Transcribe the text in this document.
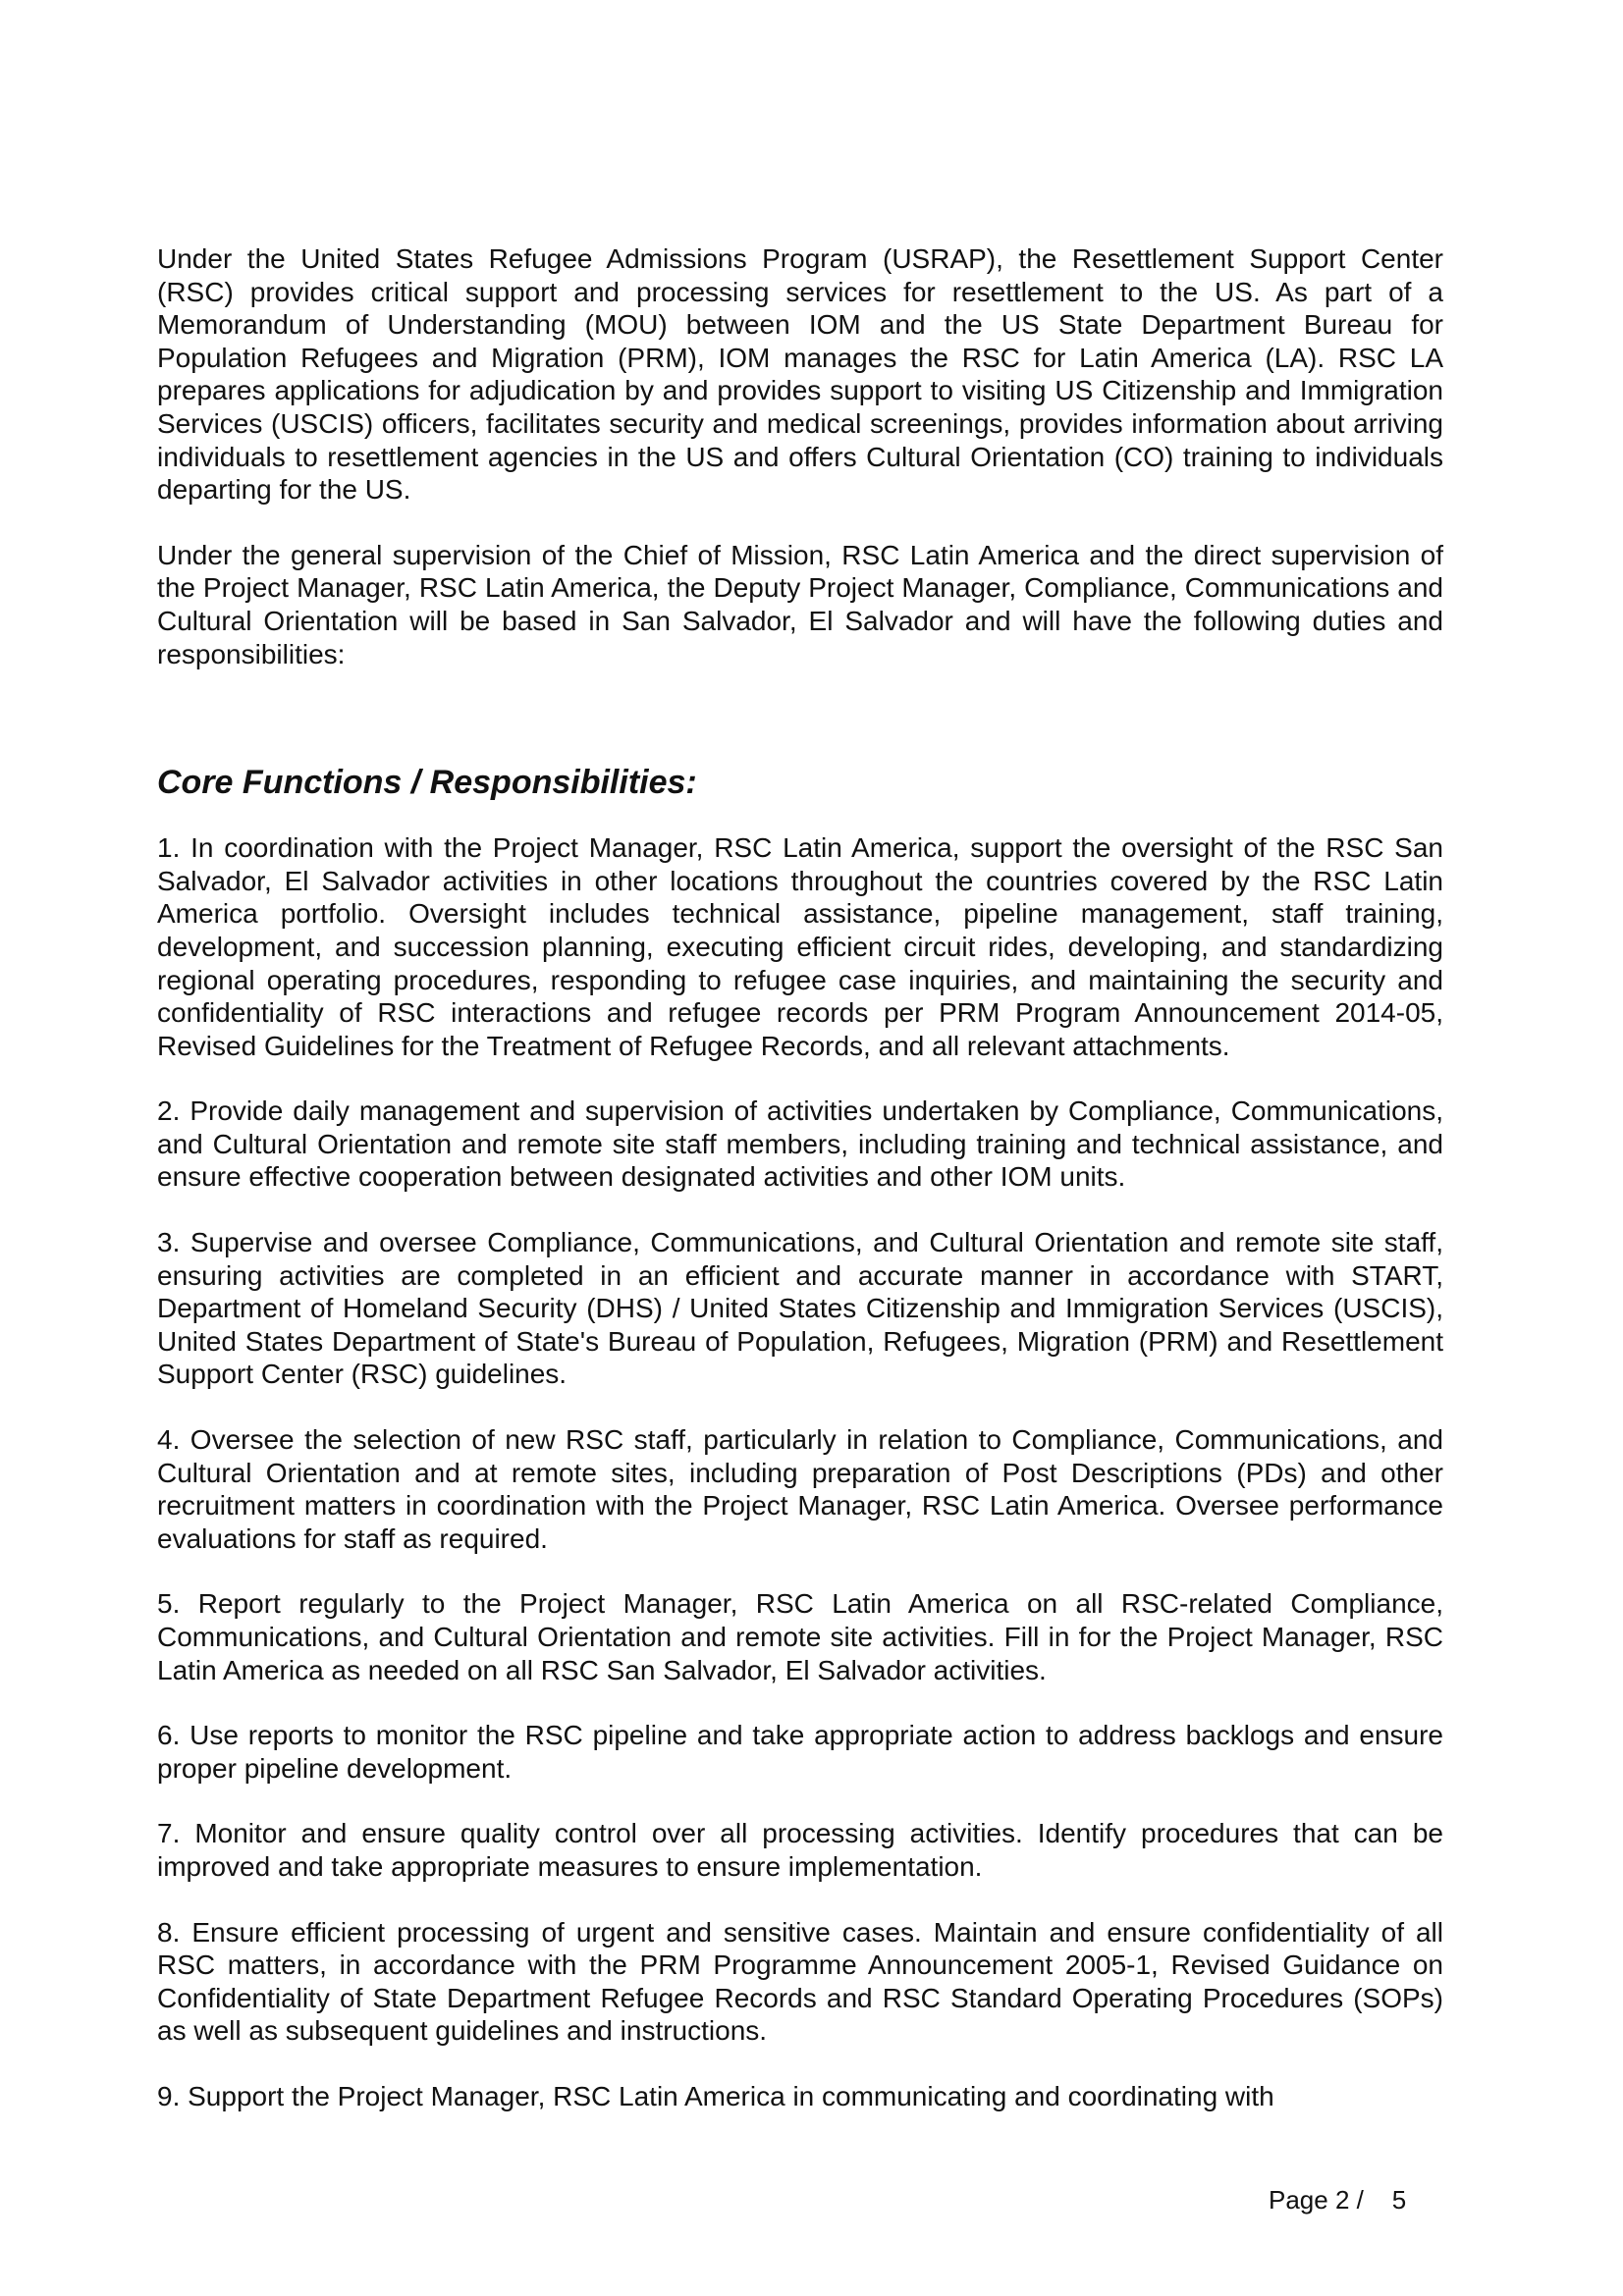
Under the United States Refugee Admissions Program (USRAP), the Resettlement Support Center (RSC) provides critical support and processing services for resettlement to the US. As part of a Memorandum of Understanding (MOU) between IOM and the US State Department Bureau for Population Refugees and Migration (PRM), IOM manages the RSC for Latin America (LA). RSC LA prepares applications for adjudication by and provides support to visiting US Citizenship and Immigration Services (USCIS) officers, facilitates security and medical screenings, provides information about arriving individuals to resettlement agencies in the US and offers Cultural Orientation (CO) training to individuals departing for the US.

Under the general supervision of the Chief of Mission, RSC Latin America and the direct supervision of the Project Manager, RSC Latin America, the Deputy Project Manager, Compliance, Communications and Cultural Orientation will be based in San Salvador, El Salvador and will have the following duties and responsibilities:

Core Functions / Responsibilities:

1. In coordination with the Project Manager, RSC Latin America, support the oversight of the RSC San Salvador, El Salvador activities in other locations throughout the countries covered by the RSC Latin America portfolio. Oversight includes technical assistance, pipeline management, staff training, development, and succession planning, executing efficient circuit rides, developing, and standardizing regional operating procedures, responding to refugee case inquiries, and maintaining the security and confidentiality of RSC interactions and refugee records per PRM Program Announcement 2014-05, Revised Guidelines for the Treatment of Refugee Records, and all relevant attachments.

2. Provide daily management and supervision of activities undertaken by Compliance, Communications, and Cultural Orientation and remote site staff members, including training and technical assistance, and ensure effective cooperation between designated activities and other IOM units.

3. Supervise and oversee Compliance, Communications, and Cultural Orientation and remote site staff, ensuring activities are completed in an efficient and accurate manner in accordance with START, Department of Homeland Security (DHS) / United States Citizenship and Immigration Services (USCIS), United States Department of State's Bureau of Population, Refugees, Migration (PRM) and Resettlement Support Center (RSC) guidelines.

4. Oversee the selection of new RSC staff, particularly in relation to Compliance, Communications, and Cultural Orientation and at remote sites, including preparation of Post Descriptions (PDs) and other recruitment matters in coordination with the Project Manager, RSC Latin America. Oversee performance evaluations for staff as required.

5. Report regularly to the Project Manager, RSC Latin America on all RSC-related Compliance, Communications, and Cultural Orientation and remote site activities. Fill in for the Project Manager, RSC Latin America as needed on all RSC San Salvador, El Salvador activities.

6. Use reports to monitor the RSC pipeline and take appropriate action to address backlogs and ensure proper pipeline development.

7. Monitor and ensure quality control over all processing activities. Identify procedures that can be improved and take appropriate measures to ensure implementation.

8. Ensure efficient processing of urgent and sensitive cases. Maintain and ensure confidentiality of all RSC matters, in accordance with the PRM Programme Announcement 2005-1, Revised Guidance on Confidentiality of State Department Refugee Records and RSC Standard Operating Procedures (SOPs) as well as subsequent guidelines and instructions.

9. Support the Project Manager, RSC Latin America in communicating and coordinating with

Page 2 /    5
